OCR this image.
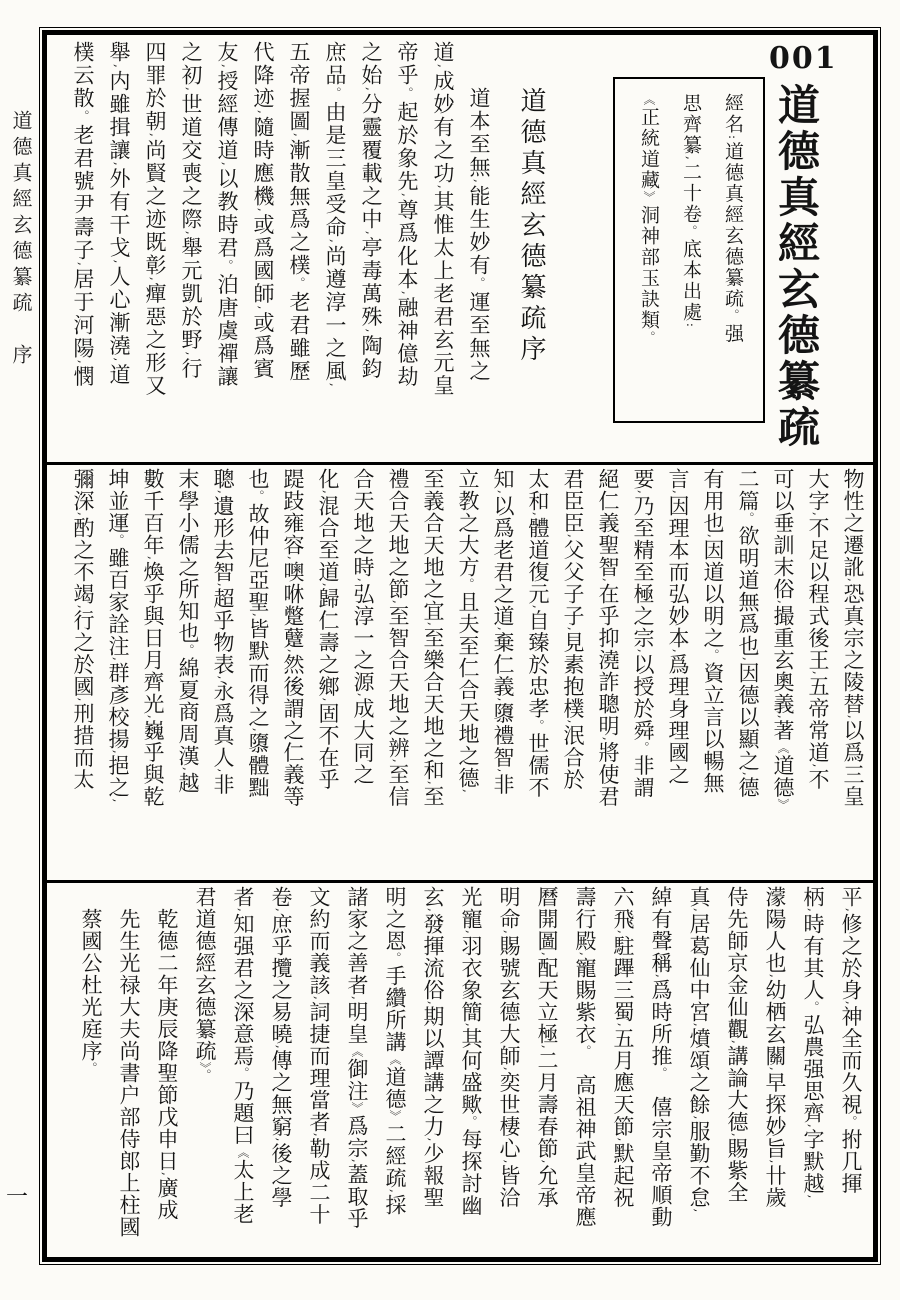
道德真經玄德纂疏　序
一
001
道德真經玄德纂疏
經名:道德真經玄德纂疏。强
思齊纂,二十卷。底本出處:
《正統道藏》洞神部玉訣類。
道德真經玄德纂疏序
　　道本至無,能生妙有。運至無之
道,成妙有之功,其惟太上老君玄元皇
帝乎。起於象先,尊爲化本,融神億劫
之始,分靈覆載之中,亭毒萬殊,陶鈞
庶品。由是三皇受命,尚遵淳一之風,
五帝握圖,漸散無爲之樸。老君雖歷
代降迹,隨時應機,或爲國師,或爲賓
友,授經傳道,以教時君。泊唐虞禪讓
之初,世道交喪之際,舉元凱於野,行
四罪於朝,尚賢之迹既彰,癉惡之形又
舉,内雖揖讓,外有干戈,人心漸澆,道
樸云散。老君號尹壽子,居于河陽,憫
物性之遷訛,恐真宗之陵替,以爲三皇
大字,不足以程式後王,五帝常道,不
可以垂訓末俗,撮重玄奧義,著《道德》
二篇。欲明道無爲也,因德以顯之,德
有用也,因道以明之。資立言以暢無
言,因理本而弘妙本,爲理身理國之
要,乃至精至極之宗,以授於舜。非謂
絕仁義聖智,在乎抑澆詐聰明,將使君
君臣臣,父父子子,見素抱樸,泯合於
太和,體道復元,自臻於忠孝。世儒不
知,以爲老君之道,棄仁義,隳禮智,非
立教之大方。且夫至仁合天地之德,
至義合天地之宜,至樂合天地之和,至
禮合天地之節,至智合天地之辨,至信
合天地之時,弘淳一之源,成大同之
化,混合至道,歸仁壽之鄉,固不在乎
踶跂雍容,噢咻蹩躠,然後謂之仁義等
也。故仲尼亞聖,皆默而得之,隳體黜
聰,遺形去智,超乎物表,永爲真人,非
末學小儒之所知也。綿夏商周漢,越
數千百年,煥乎與日月齊光,巍乎與乾
坤並運。雖百家詮注,群彥校揚,挹之,
彌深,酌之不竭,行之於國,刑措而太
平,修之於身,神全而久視。拊几揮
柄,時有其人。弘農强思齊,字默越,
濛陽人也,幼栖玄關,早探妙旨,卄歲
侍先師京金仙觀,講論大德,賜紫全
真,居葛仙中宮,燌頌之餘,服勤不怠,
綽有聲稱,爲時所推。　僖宗皇帝順動
六飛,駐蹕三蜀,五月應天節,默起祝
壽行殿,寵賜紫衣。　高祖神武皇帝應
曆開圖,配天立極,二月壽春節,允承
明命,賜號玄德大師,奕世棲心,皆洽
光寵,羽衣象簡,其何盛歟。每探討幽
玄,發揮流俗,期以譚講之力,少報聖
明之恩。手纘所講《道德》二經疏,採
諸家之善者,明皇《御注》爲宗,蓋取乎
文約而義該,詞捷而理當者,勒成二十
卷,庶乎攬之易曉,傳之無窮,後之學
者,知强君之深意焉。乃題曰《太上老
君道德經玄德纂疏》。
　乾德二年庚辰降聖節戊申日,廣成
　先生光禄大夫尚書户部侍郎上柱國
　蔡國公杜光庭序。
